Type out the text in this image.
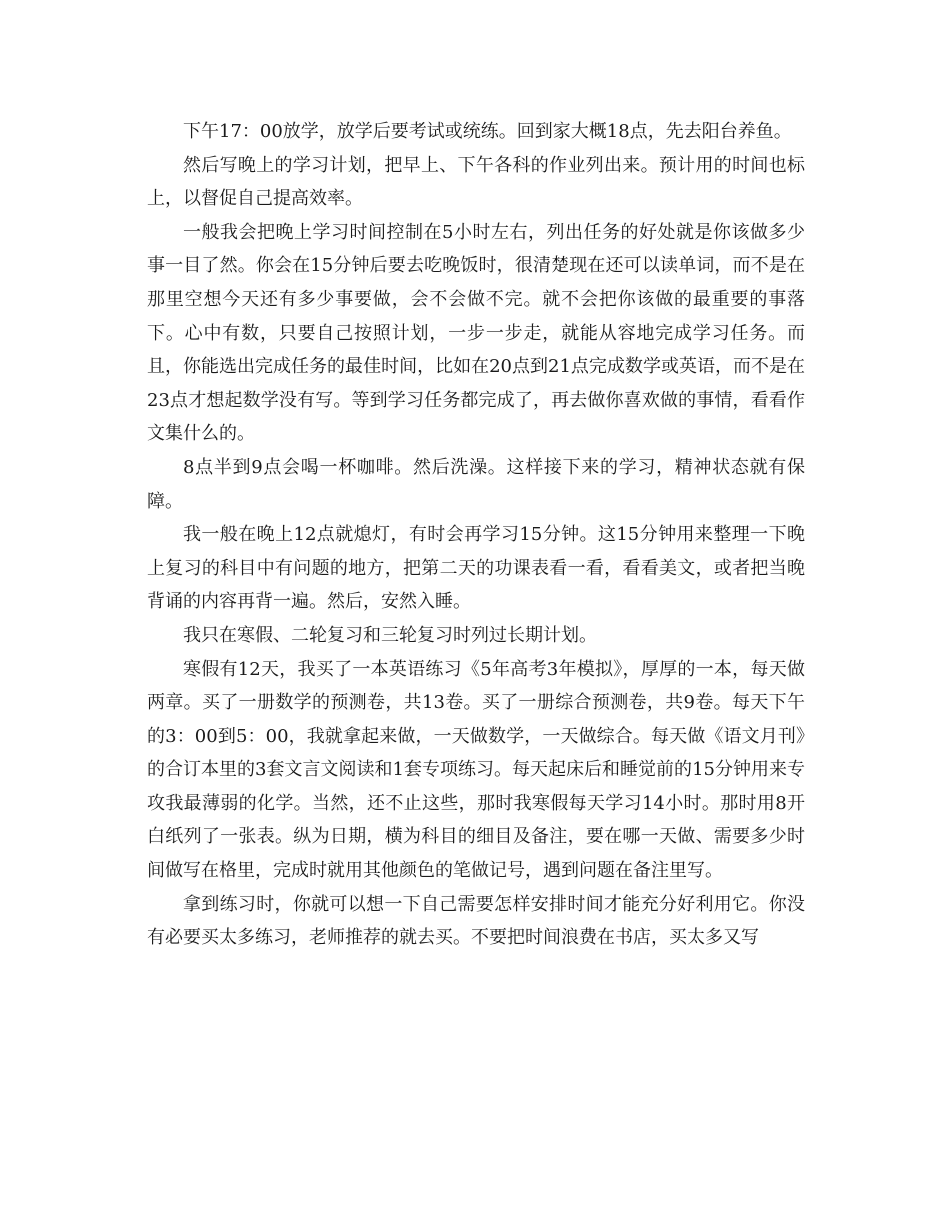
下午17：00放学，放学后要考试或统练。回到家大概18点，先去阳台养鱼。

然后写晚上的学习计划，把早上、下午各科的作业列出来。预计用的时间也标上，以督促自己提高效率。

一般我会把晚上学习时间控制在5小时左右，列出任务的好处就是你该做多少事一目了然。你会在15分钟后要去吃晚饭时，很清楚现在还可以读单词，而不是在那里空想今天还有多少事要做，会不会做不完。就不会把你该做的最重要的事落下。心中有数，只要自己按照计划，一步一步走，就能从容地完成学习任务。而且，你能选出完成任务的最佳时间，比如在20点到21点完成数学或英语，而不是在23点才想起数学没有写。等到学习任务都完成了，再去做你喜欢做的事情，看看作文集什么的。

8点半到9点会喝一杯咖啡。然后洗澡。这样接下来的学习，精神状态就有保障。

我一般在晚上12点就熄灯，有时会再学习15分钟。这15分钟用来整理一下晚上复习的科目中有问题的地方，把第二天的功课表看一看，看看美文，或者把当晚背诵的内容再背一遍。然后，安然入睡。

我只在寒假、二轮复习和三轮复习时列过长期计划。

寒假有12天，我买了一本英语练习《5年高考3年模拟》，厚厚的一本，每天做两章。买了一册数学的预测卷，共13卷。买了一册综合预测卷，共9卷。每天下午的3：00到5：00，我就拿起来做，一天做数学，一天做综合。每天做《语文月刊》的合订本里的3套文言文阅读和1套专项练习。每天起床后和睡觉前的15分钟用来专攻我最薄弱的化学。当然，还不止这些，那时我寒假每天学习14小时。那时用8开白纸列了一张表。纵为日期，横为科目的细目及备注，要在哪一天做、需要多少时间做写在格里，完成时就用其他颜色的笔做记号，遇到问题在备注里写。

拿到练习时，你就可以想一下自己需要怎样安排时间才能充分好利用它。你没有必要买太多练习，老师推荐的就去买。不要把时间浪费在书店，买太多又写
